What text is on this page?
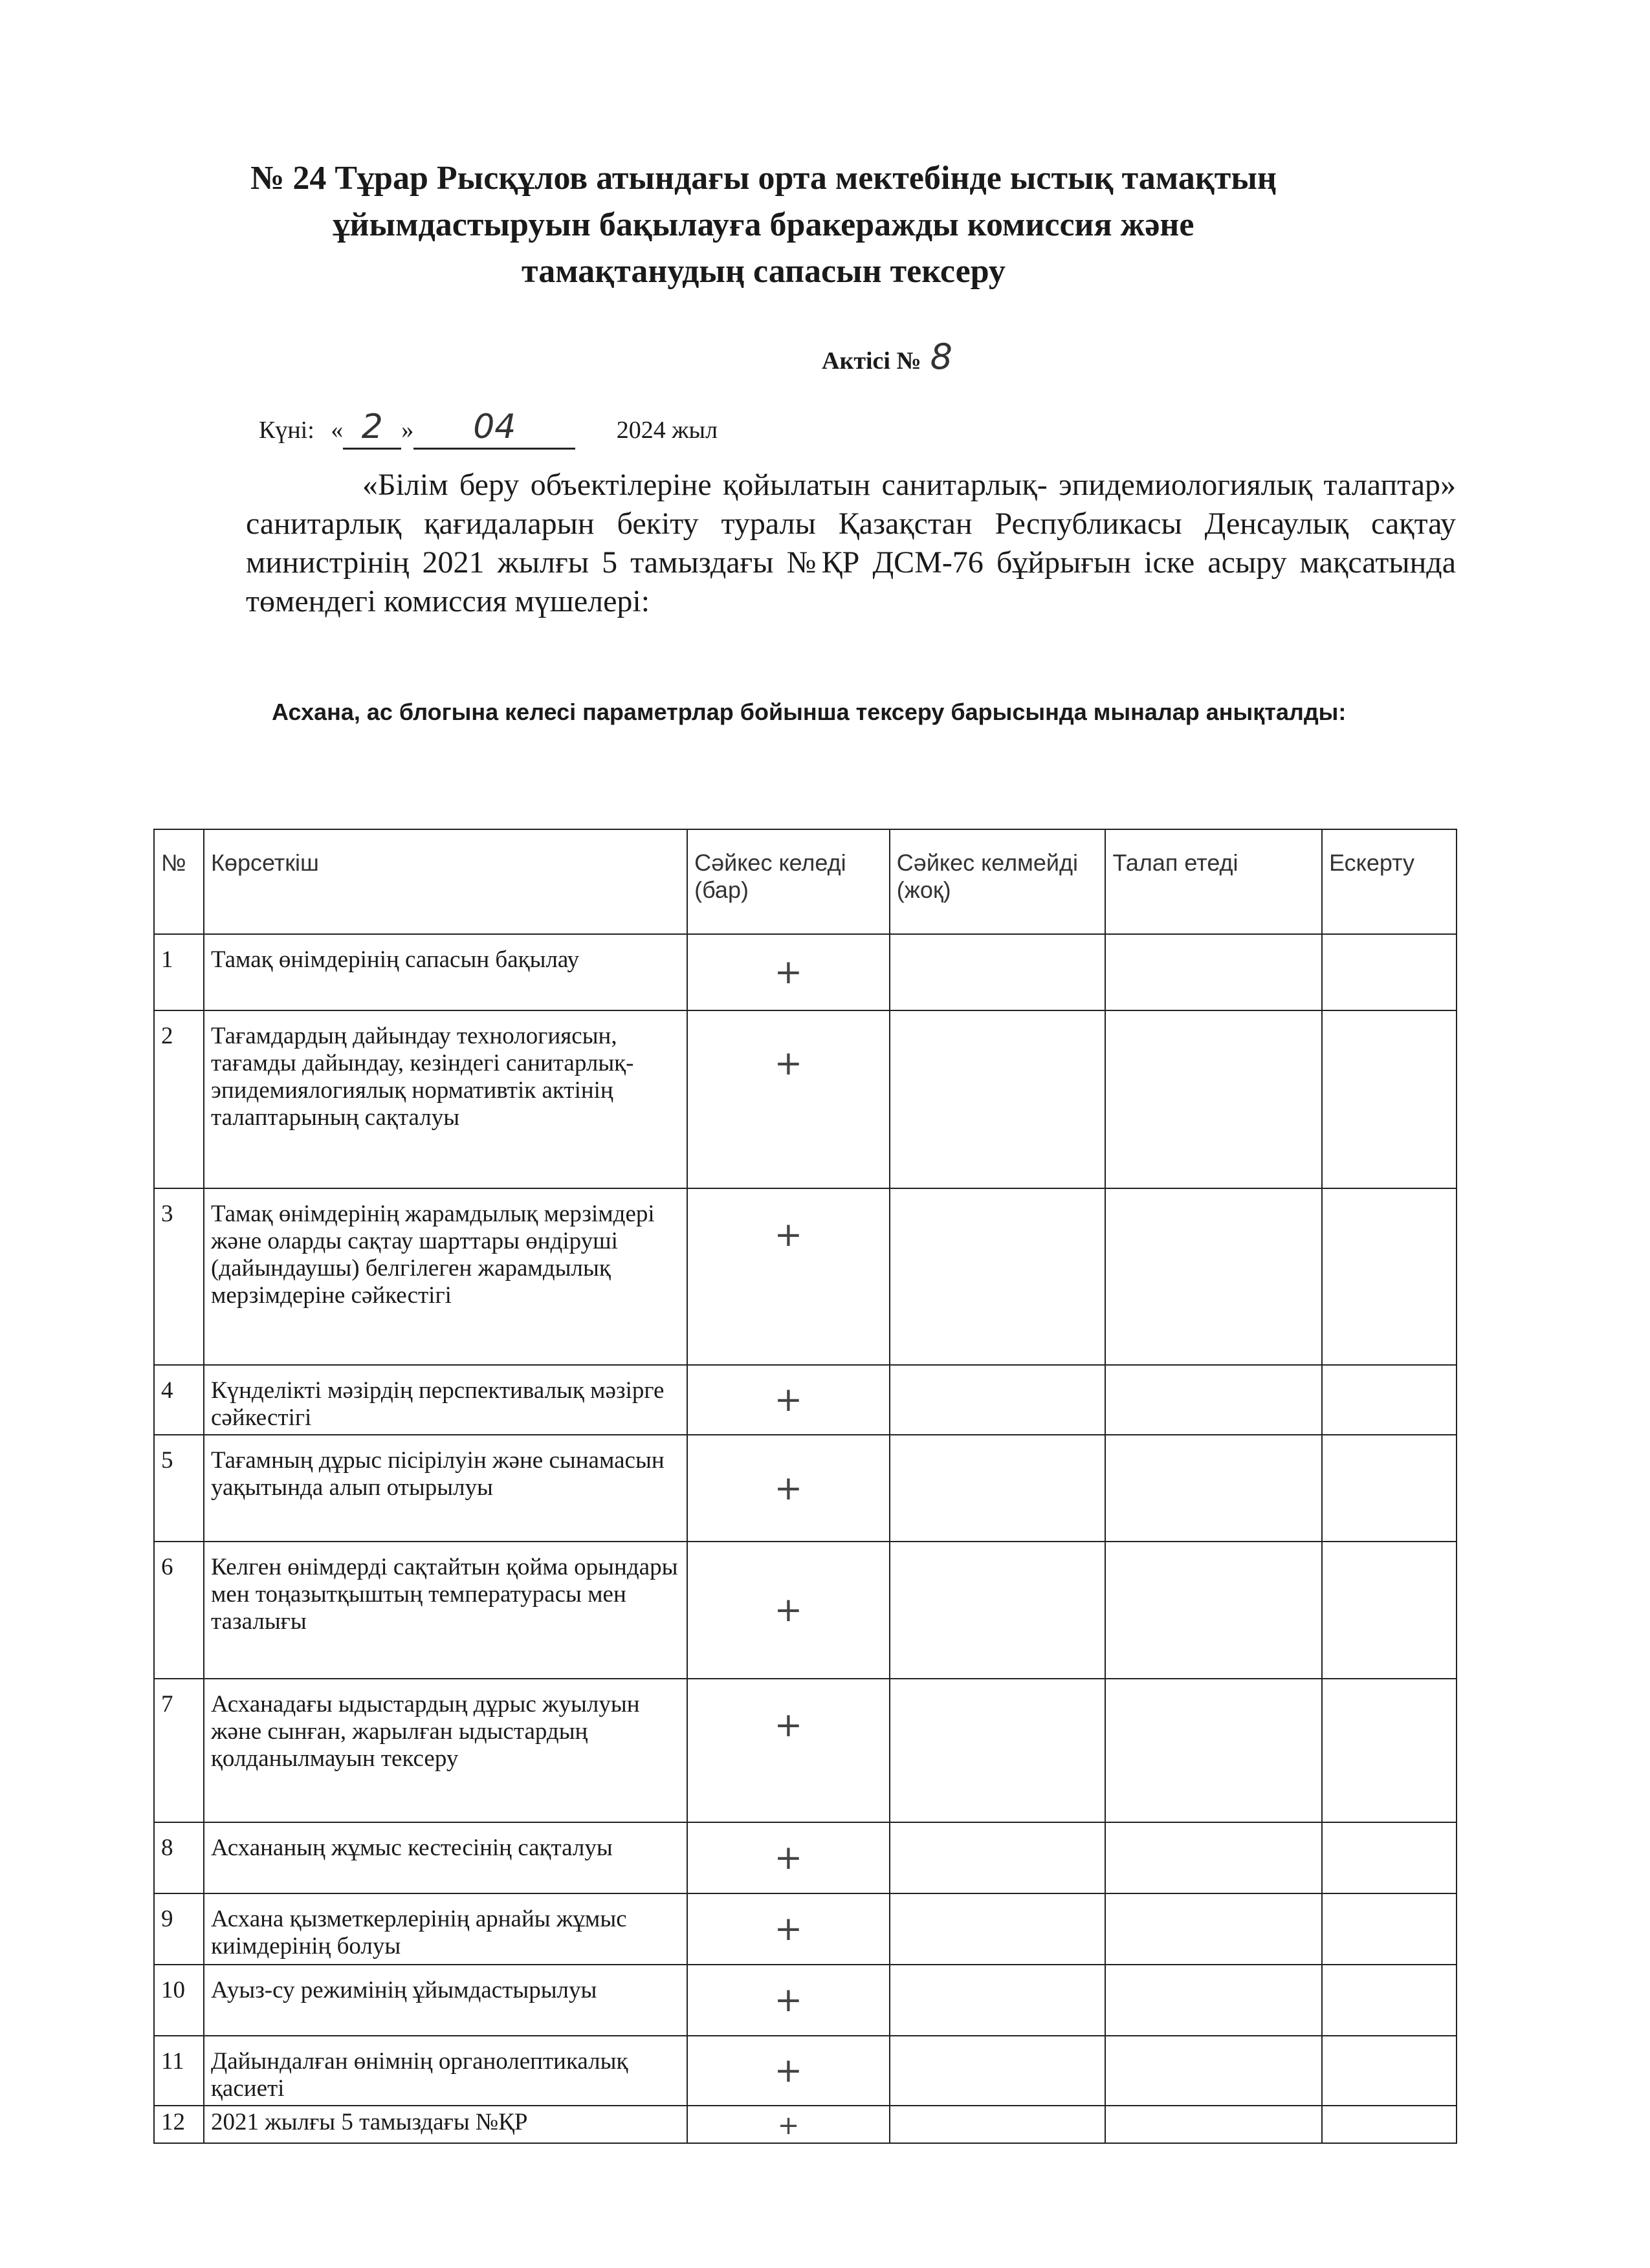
№ 24 Тұрар Рысқұлов атындағы орта мектебінде ыстық тамақтың
ұйымдастыруын бақылауға бракеражды комиссия және
тамақтанудың сапасын тексеру
Актісі № 8
Күні: « 2 » 04	2024 жыл

«Білім беру объектілеріне қойылатын санитарлық- эпидемиологиялық талаптар» санитарлық қағидаларын бекіту туралы Қазақстан Республикасы Денсаулық сақтау министрінің 2021 жылғы 5 тамыздағы №ҚР ДСМ-76 бұйрығын іске асыру мақсатында төмендегі комиссия мүшелері:

Асхана, ас блогына келесі параметрлар бойынша тексеру барысында мыналар анықталды:
№	Көрсеткіш	Сәйкес келеді (бар)	Сәйкес келмейді (жоқ)	Талап етеді	Ескерту
1	Тамақ өнімдерінің сапасын бақылау	+			
2	Тағамдардың дайындау технологиясын, тағамды дайындау, кезіндегі санитарлық-эпидемиялогиялық нормативтік актінің талаптарының сақталуы	+			
3	Тамақ өнімдерінің жарамдылық мерзімдері және оларды сақтау шарттары өндіруші (дайындаушы) белгілеген жарамдылық мерзімдеріне сәйкестігі	+			
4	Күнделікті мәзірдің перспективалық мәзірге сәйкестігі	+			
5	Тағамның дұрыс пісірілуін және сынамасын уақытында алып отырылуы	+			
6	Келген өнімдерді сақтайтын қойма орындары мен тоңазытқыштың температурасы мен тазалығы	+			
7	Асханадағы ыдыстардың дұрыс жуылуын және сынған, жарылған ыдыстардың қолданылмауын тексеру	+			
8	Асхананың жұмыс кестесінің сақталуы	+			
9	Асхана қызметкерлерінің арнайы жұмыс киімдерінің болуы	+			
10	Ауыз-су режимінің ұйымдастырылуы	+			
11	Дайындалған өнімнің органолептикалық қасиеті	+			
12	2021 жылғы 5 тамыздағы №ҚР	+			
